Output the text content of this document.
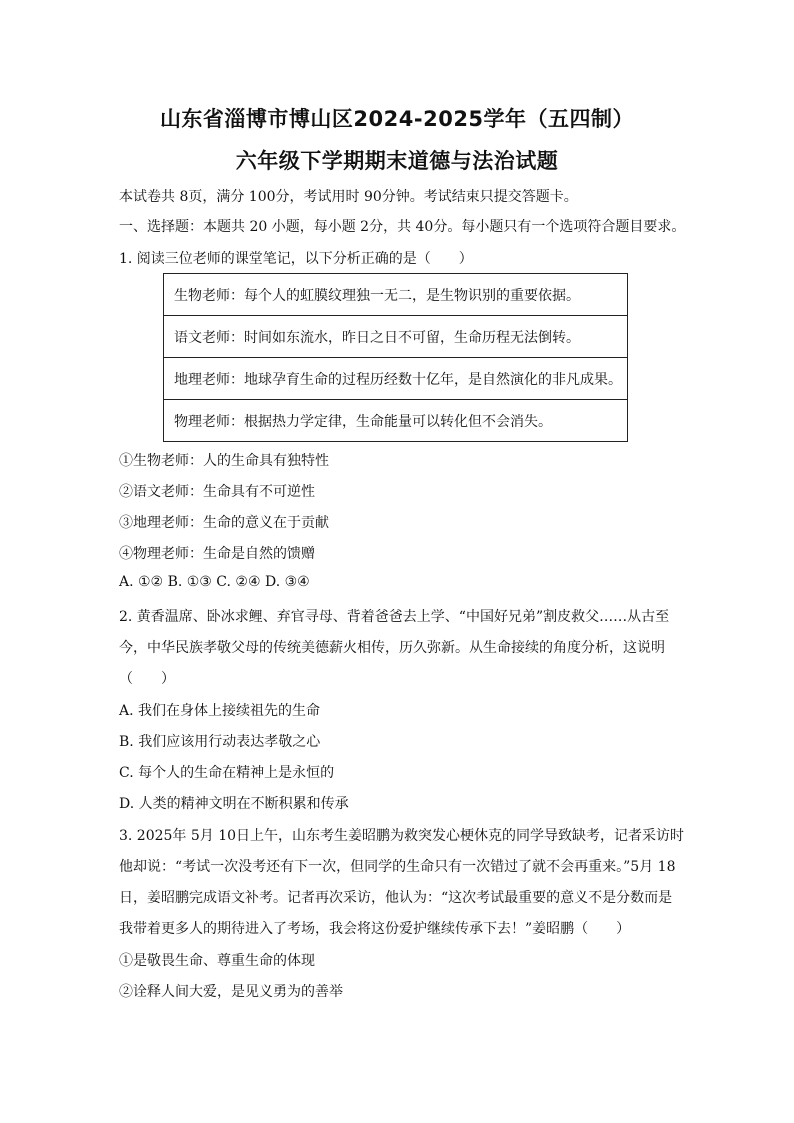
山东省淄博市博山区2024-2025学年（五四制）
六年级下学期期末道德与法治试题
本试卷共 8页，满分 100分，考试用时 90分钟。考试结束只提交答题卡。
一、选择题：本题共 20 小题，每小题 2分，共 40分。每小题只有一个选项符合题目要求。
1. 阅读三位老师的课堂笔记，以下分析正确的是（　　）
生物老师：每个人的虹膜纹理独一无二，是生物识别的重要依据。
语文老师：时间如东流水，昨日之日不可留，生命历程无法倒转。
地理老师：地球孕育生命的过程历经数十亿年，是自然演化的非凡成果。
物理老师：根据热力学定律，生命能量可以转化但不会消失。
①生物老师：人的生命具有独特性
②语文老师：生命具有不可逆性
③地理老师：生命的意义在于贡献
④物理老师：生命是自然的馈赠
A. ①② B. ①③ C. ②④ D. ③④
2. 黄香温席、卧冰求鲤、弃官寻母、背着爸爸去上学、“中国好兄弟”割皮救父……从古至
今，中华民族孝敬父母的传统美德薪火相传，历久弥新。从生命接续的角度分析，这说明
（　　）
A. 我们在身体上接续祖先的生命
B. 我们应该用行动表达孝敬之心
C. 每个人的生命在精神上是永恒的
D. 人类的精神文明在不断积累和传承
3. 2025年 5月 10日上午，山东考生姜昭鹏为救突发心梗休克的同学导致缺考，记者采访时
他却说：“考试一次没考还有下一次，但同学的生命只有一次错过了就不会再重来。”5月 18
日，姜昭鹏完成语文补考。记者再次采访，他认为：“这次考试最重要的意义不是分数而是
我带着更多人的期待进入了考场，我会将这份爱护继续传承下去！”姜昭鹏（　　）
①是敬畏生命、尊重生命的体现
②诠释人间大爱，是见义勇为的善举
